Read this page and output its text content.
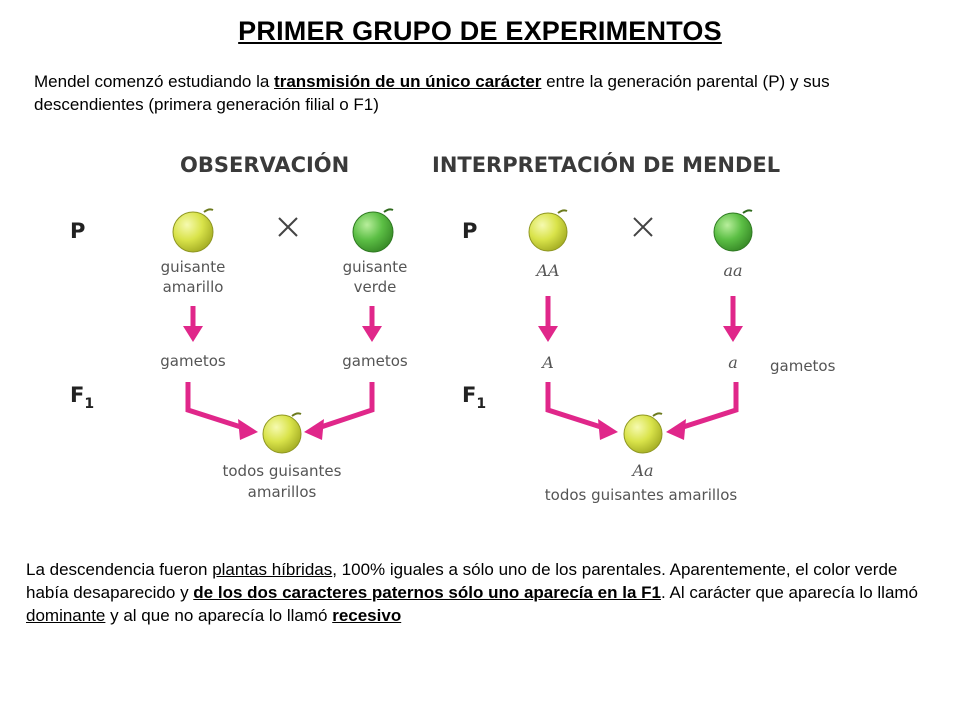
PRIMER GRUPO DE EXPERIMENTOS
Mendel comenzó estudiando la transmisión de un único carácter entre la generación parental (P) y sus descendientes (primera generación filial o F1)
OBSERVACIÓN
P
guisante
amarillo
guisante
verde
gametos	gametos
$F_1$
todos guisantes
amarillos
INTERPRETACIÓN DE MENDEL
P
AA	aa
A	a gametos
$F_1$
Aa
todos guisantes amarillos
La descendencia fueron plantas híbridas, 100% iguales a sólo uno de los parentales. Aparentemente, el color verde había desaparecido y de los dos caracteres paternos sólo uno aparecía en la F1. Al carácter que aparecía lo llamó dominante y al que no aparecía lo llamó recesivo
